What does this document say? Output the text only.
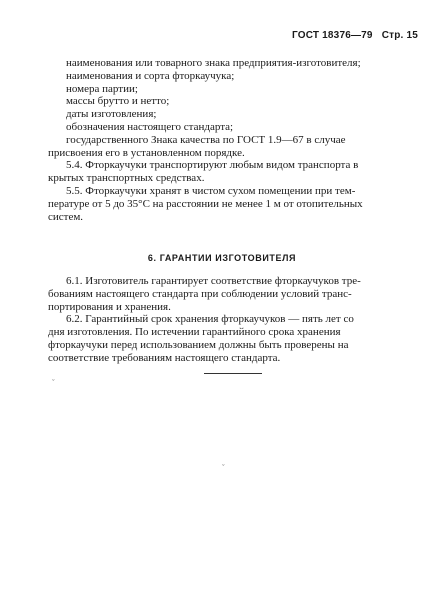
ГОСТ 18376—79 Стр. 15
наименования или товарного знака предприятия-изготовителя;
наименования и сорта фторкаучука;
номера партии;
массы брутто и нетто;
даты изготовления;
обозначения настоящего стандарта;
государственного Знака качества по ГОСТ 1.9—67 в случае
присвоения его в установленном порядке.
5.4. Фторкаучуки транспортируют любым видом транспорта в
крытых транспортных средствах.
5.5. Фторкаучуки хранят в чистом сухом помещении при тем-
пературе от 5 до 35°С на расстоянии не менее 1 м от отопительных
систем.
6. ГАРАНТИИ ИЗГОТОВИТЕЛЯ
6.1. Изготовитель гарантирует соответствие фторкаучуков тре-
бованиям настоящего стандарта при соблюдении условий транс-
портирования и хранения.
6.2. Гарантийный срок хранения фторкаучуков — пять лет со
дня изготовления. По истечении гарантийного срока хранения
фторкаучуки перед использованием должны быть проверены на
соответствие требованиям настоящего стандарта.
ˇ
ˇ
